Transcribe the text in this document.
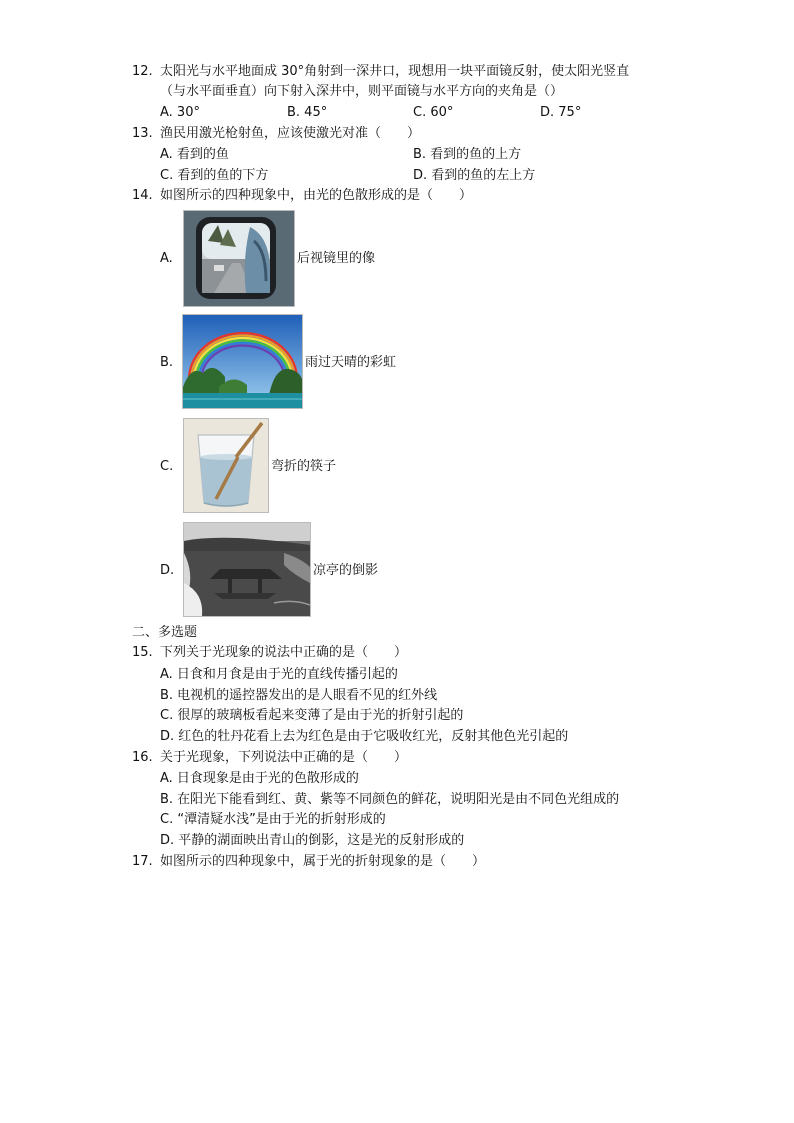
12. 太阳光与水平地面成 30°角射到一深井口，现想用一块平面镜反射，使太阳光竖直
（与水平面垂直）向下射入深井中，则平面镜与水平方向的夹角是（）
A. 30°	B. 45°	C. 60°	D. 75°
13. 渔民用激光枪射鱼，应该使激光对准（　　）
A. 看到的鱼	B. 看到的鱼的上方
C. 看到的鱼的下方	D. 看到的鱼的左上方
14. 如图所示的四种现象中，由光的色散形成的是（　　）
A.	后视镜里的像
B.	雨过天晴的彩虹
C.	弯折的筷子
D.	凉亭的倒影
二、多选题
15. 下列关于光现象的说法中正确的是（　　）
A. 日食和月食是由于光的直线传播引起的
B. 电视机的遥控器发出的是人眼看不见的红外线
C. 很厚的玻璃板看起来变薄了是由于光的折射引起的
D. 红色的牡丹花看上去为红色是由于它吸收红光，反射其他色光引起的
16. 关于光现象，下列说法中正确的是（　　）
A. 日食现象是由于光的色散形成的
B. 在阳光下能看到红、黄、紫等不同颜色的鲜花，说明阳光是由不同色光组成的
C. “潭清疑水浅”是由于光的折射形成的
D. 平静的湖面映出青山的倒影，这是光的反射形成的
17. 如图所示的四种现象中，属于光的折射现象的是（　　）
